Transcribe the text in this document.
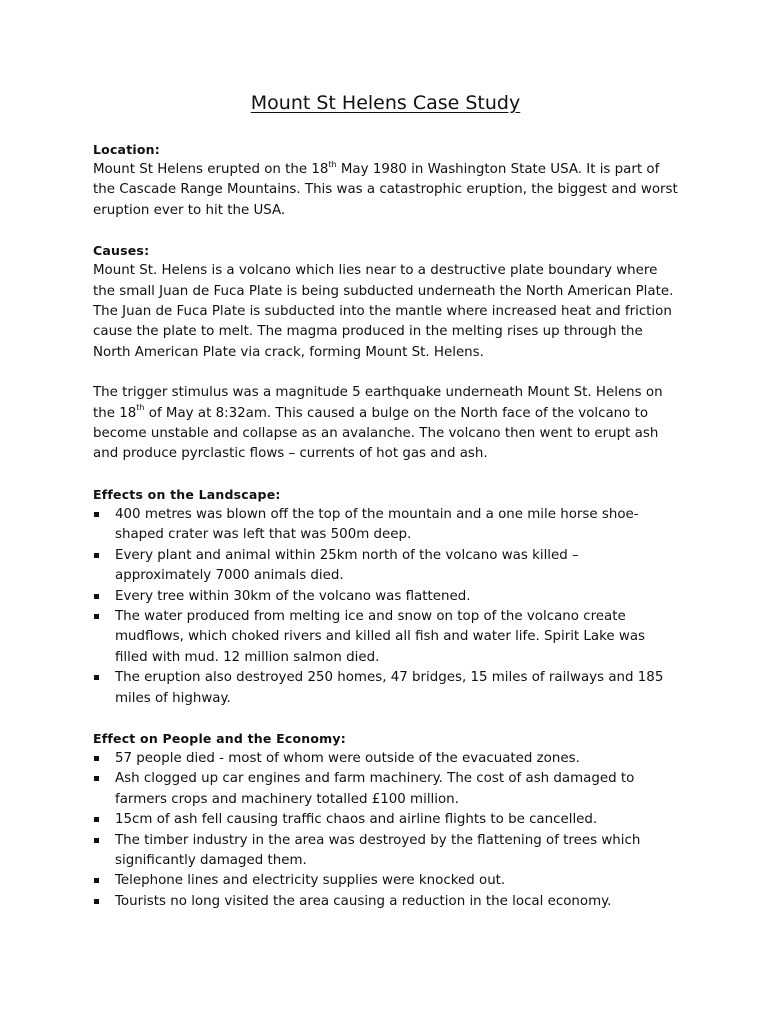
Mount St Helens Case Study

Location:

Mount St Helens erupted on the 18th May 1980 in Washington State USA. It is part of the Cascade Range Mountains. This was a catastrophic eruption, the biggest and worst eruption ever to hit the USA.

Causes:

Mount St. Helens is a volcano which lies near to a destructive plate boundary where the small Juan de Fuca Plate is being subducted underneath the North American Plate. The Juan de Fuca Plate is subducted into the mantle where increased heat and friction cause the plate to melt. The magma produced in the melting rises up through the North American Plate via crack, forming Mount St. Helens.

The trigger stimulus was a magnitude 5 earthquake underneath Mount St. Helens on the 18th of May at 8:32am. This caused a bulge on the North face of the volcano to become unstable and collapse as an avalanche. The volcano then went to erupt ash and produce pyrclastic flows – currents of hot gas and ash.

Effects on the Landscape:

400 metres was blown off the top of the mountain and a one mile horse shoe-shaped crater was left that was 500m deep.
Every plant and animal within 25km north of the volcano was killed – approximately 7000 animals died.
Every tree within 30km of the volcano was flattened.
The water produced from melting ice and snow on top of the volcano create mudflows, which choked rivers and killed all fish and water life. Spirit Lake was filled with mud. 12 million salmon died.
The eruption also destroyed 250 homes, 47 bridges, 15 miles of railways and 185 miles of highway.

Effect on People and the Economy:

57 people died - most of whom were outside of the evacuated zones.
Ash clogged up car engines and farm machinery. The cost of ash damaged to farmers crops and machinery totalled £100 million.
15cm of ash fell causing traffic chaos and airline flights to be cancelled.
The timber industry in the area was destroyed by the flattening of trees which significantly damaged them.
Telephone lines and electricity supplies were knocked out.
Tourists no long visited the area causing a reduction in the local economy.
